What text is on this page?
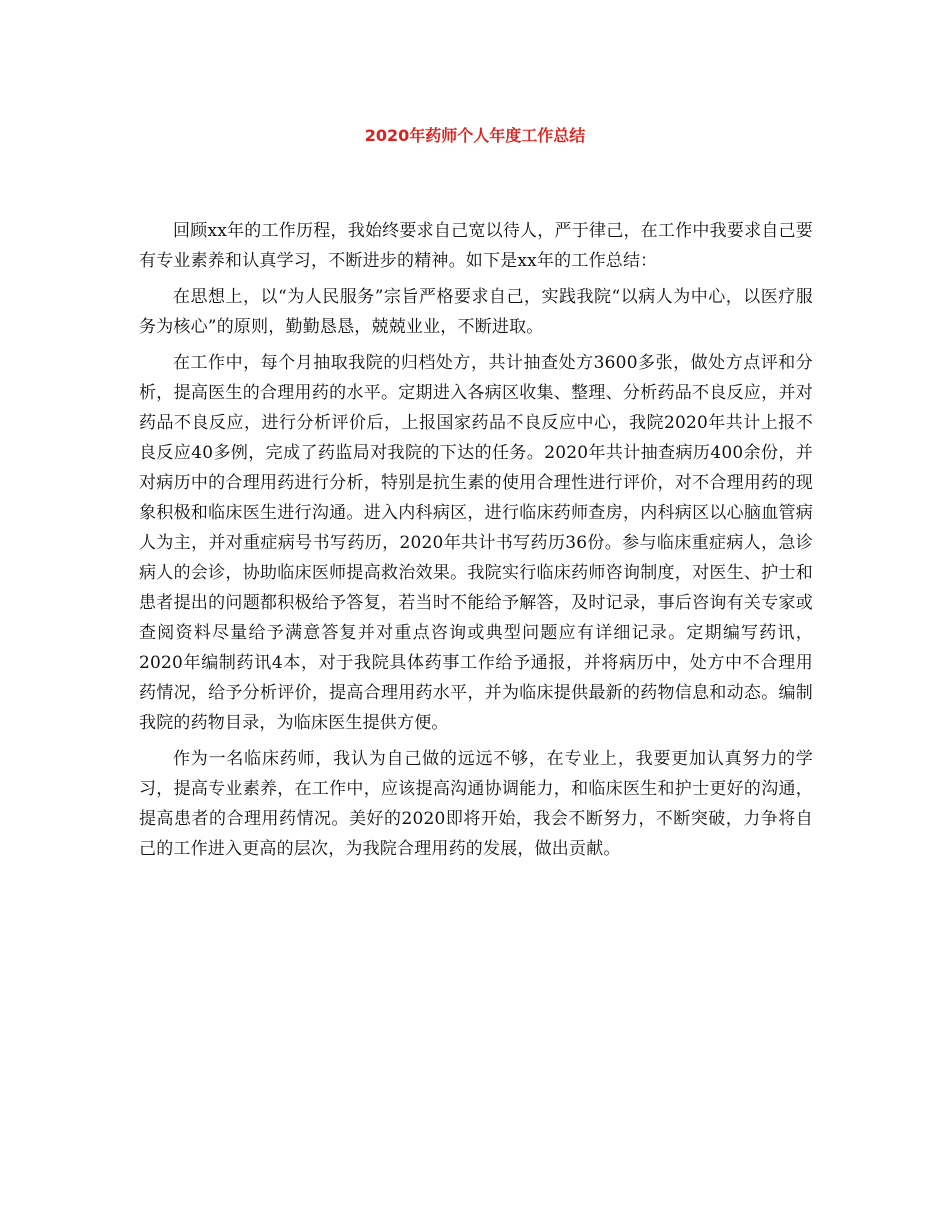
2020年药师个人年度工作总结

回顾xx年的工作历程，我始终要求自己宽以待人，严于律己，在工作中我要求自己要有专业素养和认真学习，不断进步的精神。如下是xx年的工作总结：

在思想上，以“为人民服务”宗旨严格要求自己，实践我院“以病人为中心，以医疗服务为核心”的原则，勤勤恳恳，兢兢业业，不断进取。

在工作中，每个月抽取我院的归档处方，共计抽查处方3600多张，做处方点评和分析，提高医生的合理用药的水平。定期进入各病区收集、整理、分析药品不良反应，并对药品不良反应，进行分析评价后，上报国家药品不良反应中心，我院2020年共计上报不良反应40多例，完成了药监局对我院的下达的任务。2020年共计抽查病历400余份，并对病历中的合理用药进行分析，特别是抗生素的使用合理性进行评价，对不合理用药的现象积极和临床医生进行沟通。进入内科病区，进行临床药师查房，内科病区以心脑血管病人为主，并对重症病号书写药历，2020年共计书写药历36份。参与临床重症病人，急诊病人的会诊，协助临床医师提高救治效果。我院实行临床药师咨询制度，对医生、护士和患者提出的问题都积极给予答复，若当时不能给予解答，及时记录，事后咨询有关专家或查阅资料尽量给予满意答复并对重点咨询或典型问题应有详细记录。定期编写药讯，2020年编制药讯4本，对于我院具体药事工作给予通报，并将病历中，处方中不合理用药情况，给予分析评价，提高合理用药水平，并为临床提供最新的药物信息和动态。编制我院的药物目录，为临床医生提供方便。

作为一名临床药师，我认为自己做的远远不够，在专业上，我要更加认真努力的学习，提高专业素养，在工作中，应该提高沟通协调能力，和临床医生和护士更好的沟通，提高患者的合理用药情况。美好的2020即将开始，我会不断努力，不断突破，力争将自己的工作进入更高的层次，为我院合理用药的发展，做出贡献。
